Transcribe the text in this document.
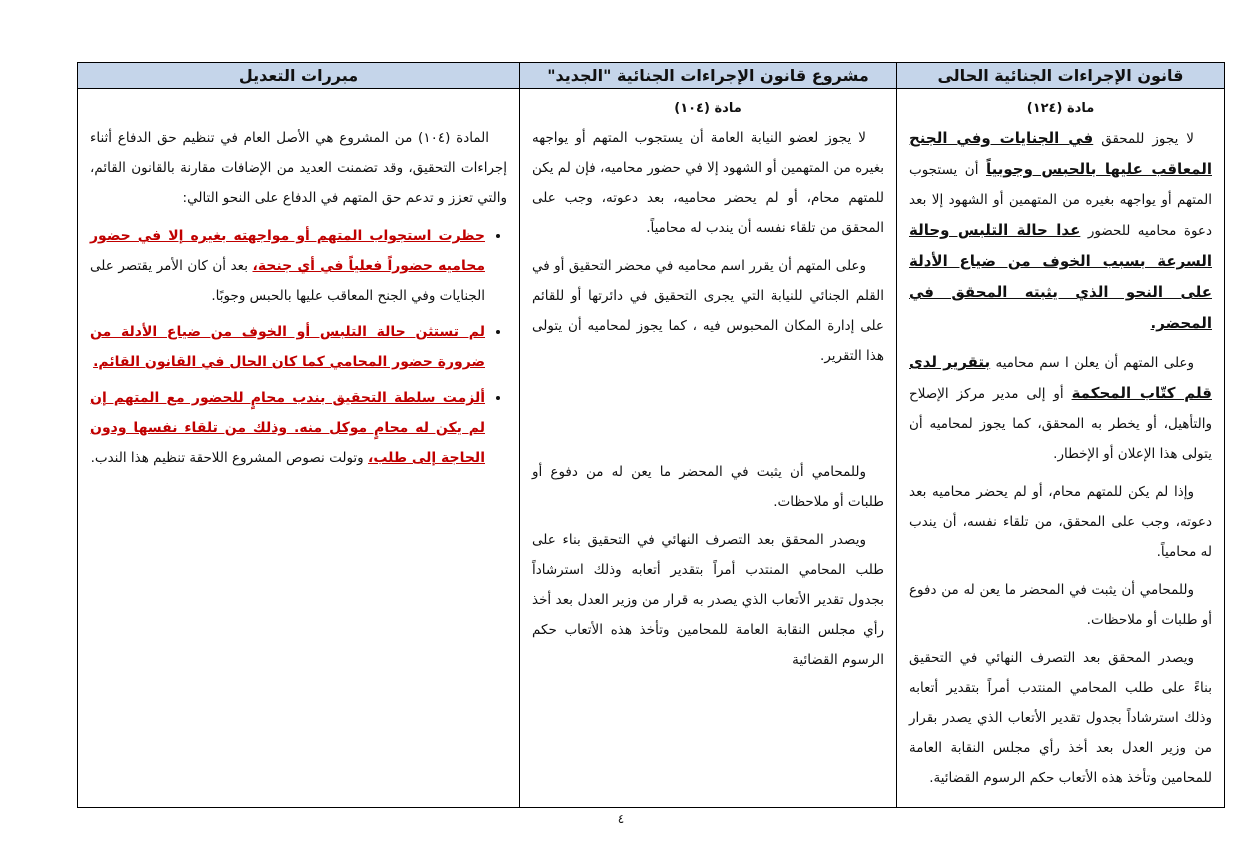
قانون الإجراءات الجنائية الحالى
مشروع قانون الإجراءات الجنائية "الجديد"
مبررات التعديل
مادة (١٢٤)

لا يجوز للمحقق في الجنايات وفي الجنح المعاقب عليها بالحبس وجوبياً أن يستجوب المتهم أو يواجهه بغيره من المتهمين أو الشهود إلا بعد دعوة محاميه للحضور عدا حالة التلبس وحالة السرعة بسبب الخوف من ضياع الأدلة على النحو الذي يثبته المحقق في المحضر.

وعلى المتهم أن يعلن ا سم محاميه بتقرير لدى قلم كتّاب المحكمة أو إلى مدير مركز الإصلاح والتأهيل، أو يخطر به المحقق، كما يجوز لمحاميه أن يتولى هذا الإعلان أو الإخطار.

وإذا لم يكن للمتهم محام، أو لم يحضر محاميه بعد دعوته، وجب على المحقق، من تلقاء نفسه، أن يندب له محامياً.

وللمحامي أن يثبت في المحضر ما يعن له من دفوع أو طلبات أو ملاحظات.

ويصدر المحقق بعد التصرف النهائي في التحقيق بناءً على طلب المحامي المنتدب أمراً بتقدير أتعابه وذلك استرشاداً بجدول تقدير الأتعاب الذي يصدر بقرار من وزير العدل بعد أخذ رأي مجلس النقابة العامة للمحامين وتأخذ هذه الأتعاب حكم الرسوم القضائية.

مادة (١٠٤)

لا يجوز لعضو النيابة العامة أن يستجوب المتهم أو يواجهه بغيره من المتهمين أو الشهود إلا في حضور محاميه، فإن لم يكن للمتهم محام، أو لم يحضر محاميه، بعد دعوته، وجب على المحقق من تلقاء نفسه أن يندب له محامياً.

وعلى المتهم أن يقرر اسم محاميه في محضر التحقيق أو في القلم الجنائي للنيابة التي يجرى التحقيق في دائرتها أو للقائم على إدارة المكان المحبوس فيه ، كما يجوز لمحاميه أن يتولى هذا التقرير.

وللمحامي أن يثبت في المحضر ما يعن له من دفوع أو طلبات أو ملاحظات.

ويصدر المحقق بعد التصرف النهائي في التحقيق بناء على طلب المحامي المنتدب أمراً بتقدير أتعابه وذلك استرشاداً بجدول تقدير الأتعاب الذي يصدر به قرار من وزير العدل بعد أخذ رأي مجلس النقابة العامة للمحامين وتأخذ هذه الأتعاب حكم الرسوم القضائية

المادة (١٠٤) من المشروع هي الأصل العام في تنظيم حق الدفاع أثناء إجراءات التحقيق، وقد تضمنت العديد من الإضافات مقارنة بالقانون القائم، والتي تعزز و تدعم حق المتهم في الدفاع على النحو التالي:

• حظرت استجواب المتهم أو مواجهته بغيره إلا في حضور محاميه حضوراً فعلياً في أي جنحة، بعد أن كان الأمر يقتصر على الجنايات وفي الجنح المعاقب عليها بالحبس وجوبًا.
• لم تستثن حالة التلبس أو الخوف من ضياع الأدلة من ضرورة حضور المحامي كما كان الحال في القانون القائم.
• ألزمت سلطة التحقيق بندب محامٍ للحضور مع المتهم إن لم يكن له محامٍ موكل منه. وذلك من تلقاء نفسها ودون الحاجة إلى طلب، وتولت نصوص المشروع اللاحقة تنظيم هذا الندب.
٤
